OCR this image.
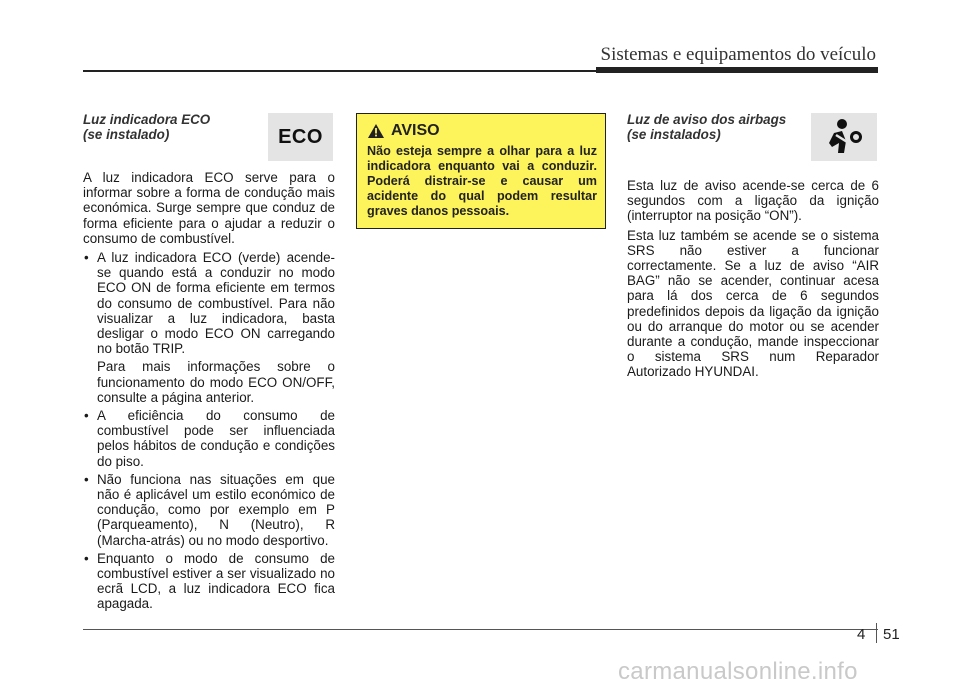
Sistemas e equipamentos do veículo
Luz indicadora ECO
(se instalado)

A luz indicadora ECO serve para o informar sobre a forma de condução mais económica. Surge sempre que conduz de forma eficiente para o ajudar a reduzir o consumo de combustível.

• A luz indicadora ECO (verde) acende-se quando está a conduzir no modo ECO ON de forma eficiente em termos do consumo de combustível. Para não visualizar a luz indicadora, basta desligar o modo ECO ON carregando no botão TRIP.

Para mais informações sobre o funcionamento do modo ECO ON/OFF, consulte a página anterior.

• A eficiência do consumo de combustível pode ser influenciada pelos hábitos de condução e condições do piso.
• Não funciona nas situações em que não é aplicável um estilo económico de condução, como por exemplo em P (Parqueamento), N (Neutro), R (Marcha-atrás) ou no modo desportivo.
• Enquanto o modo de consumo de combustível estiver a ser visualizado no ecrã LCD, a luz indicadora ECO fica apagada.
ECO	AVISO
Não esteja sempre a olhar para a luz indicadora enquanto vai a conduzir. Poderá distrair-se e causar um acidente do qual podem resultar graves danos pessoais.
Luz de aviso dos airbags
(se instalados)

Esta luz de aviso acende-se cerca de 6 segundos com a ligação da ignição (interruptor na posição “ON”).

Esta luz também se acende se o sistema SRS não estiver a funcionar correctamente. Se a luz de aviso “AIR BAG” não se acender, continuar acesa para lá dos cerca de 6 segundos predefinidos depois da ligação da ignição ou do arranque do motor ou se acender durante a condução, mande inspeccionar o sistema SRS num Reparador Autorizado HYUNDAI.

4 51
carmanualsonline.info
